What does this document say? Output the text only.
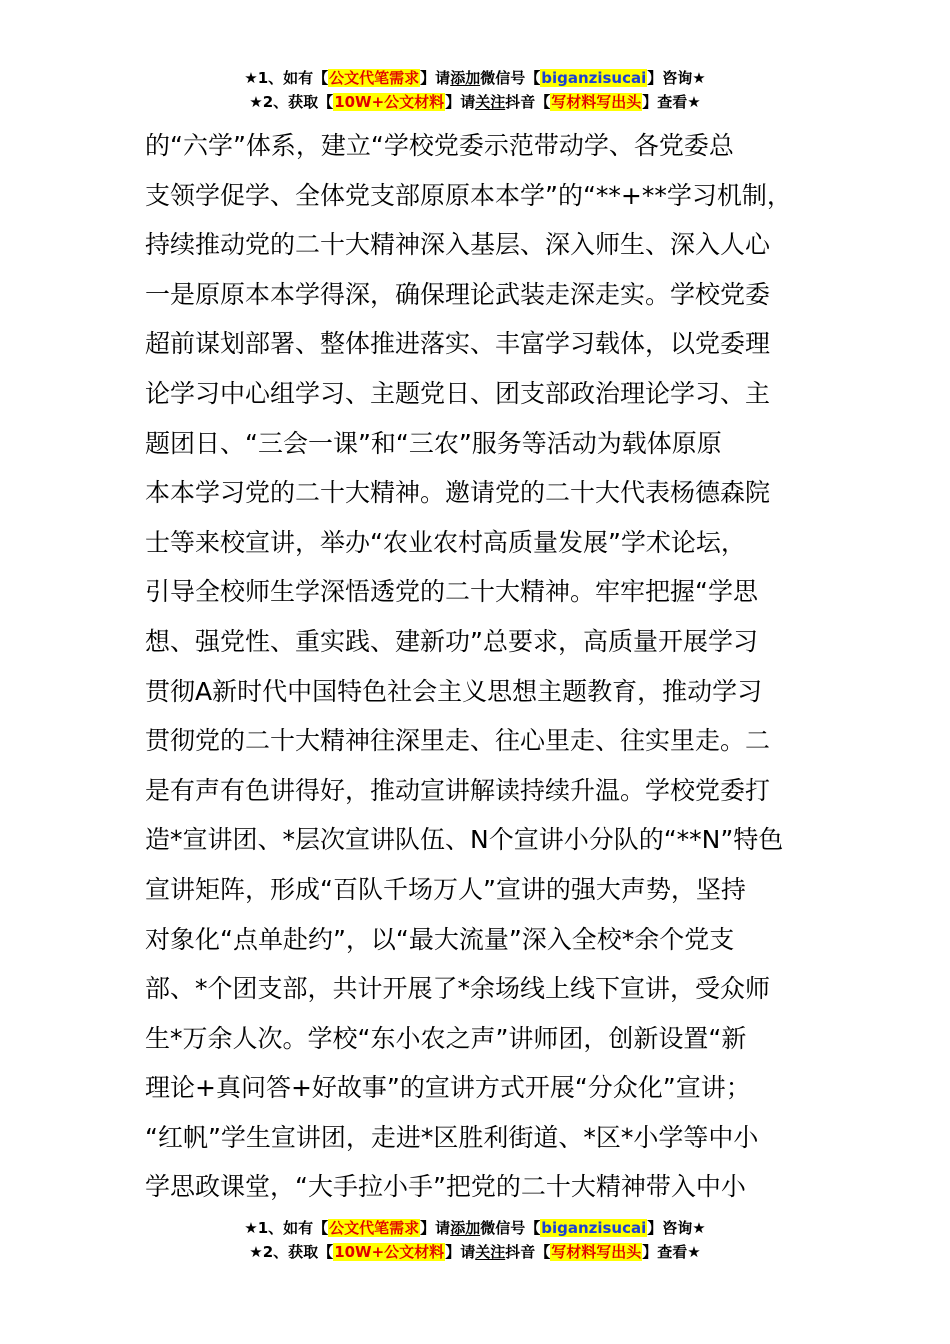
★1、如有【公文代笔需求】请添加微信号【biganzisucai】咨询★
★2、获取【10W+公文材料】请关注抖音【写材料写出头】查看★
的“六学”体系，建立“学校党委示范带动学、各党委总
支领学促学、全体党支部原原本本学”的“**+**学习机制，
持续推动党的二十大精神深入基层、深入师生、深入人心
一是原原本本学得深，确保理论武装走深走实。学校党委
超前谋划部署、整体推进落实、丰富学习载体，以党委理
论学习中心组学习、主题党日、团支部政治理论学习、主
题团日、“三会一课”和“三农”服务等活动为载体原原
本本学习党的二十大精神。邀请党的二十大代表杨德森院
士等来校宣讲，举办“农业农村高质量发展”学术论坛，
引导全校师生学深悟透党的二十大精神。牢牢把握“学思
想、强党性、重实践、建新功”总要求，高质量开展学习
贯彻A新时代中国特色社会主义思想主题教育，推动学习
贯彻党的二十大精神往深里走、往心里走、往实里走。二
是有声有色讲得好，推动宣讲解读持续升温。学校党委打
造*宣讲团、*层次宣讲队伍、N个宣讲小分队的“**N”特色
宣讲矩阵，形成“百队千场万人”宣讲的强大声势，坚持
对象化“点单赴约”，以“最大流量”深入全校*余个党支
部、*个团支部，共计开展了*余场线上线下宣讲，受众师
生*万余人次。学校“东小农之声”讲师团，创新设置“新
理论+真问答+好故事”的宣讲方式开展“分众化”宣讲；
“红帆”学生宣讲团，走进*区胜利街道、*区*小学等中小
学思政课堂，“大手拉小手”把党的二十大精神带入中小
★1、如有【公文代笔需求】请添加微信号【biganzisucai】咨询★
★2、获取【10W+公文材料】请关注抖音【写材料写出头】查看★
